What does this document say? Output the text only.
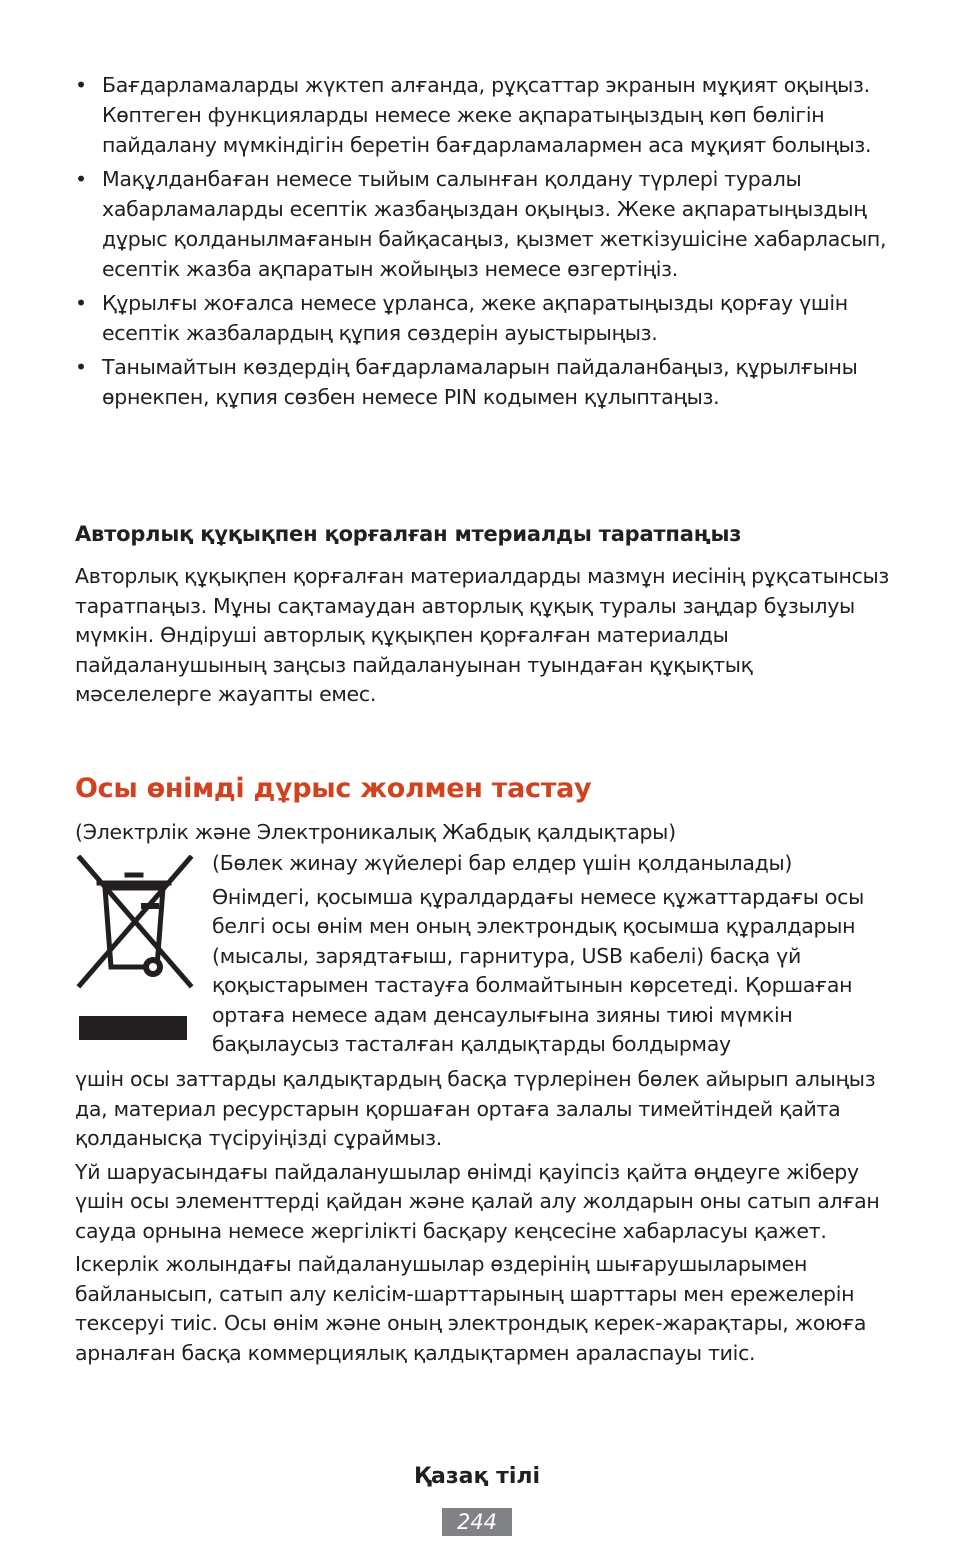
• Бағдарламаларды жүктеп алғанда, рұқсаттар экранын мұқият оқыңыз. Көптеген функцияларды немесе жеке ақпаратыңыздың көп бөлігін пайдалану мүмкіндігін беретін бағдарламалармен аса мұқият болыңыз.
• Мақұлданбаған немесе тыйым салынған қолдану түрлері туралы хабарламаларды есептік жазбаңыздан оқыңыз. Жеке ақпаратыңыздың дұрыс қолданылмағанын байқасаңыз, қызмет жеткізушісіне хабарласып, есептік жазба ақпаратын жойыңыз немесе өзгертіңіз.
• Құрылғы жоғалса немесе ұрланса, жеке ақпаратыңызды қорғау үшін есептік жазбалардың құпия сөздерін ауыстырыңыз.
• Танымайтын көздердің бағдарламаларын пайдаланбаңыз, құрылғыны өрнекпен, құпия сөзбен немесе PIN кодымен құлыптаңыз.
Авторлық құқықпен қорғалған мтериалды таратпаңыз

Авторлық құқықпен қорғалған материалдарды мазмұн иесінің рұқсатынсыз таратпаңыз. Мұны сақтамаудан авторлық құқық туралы заңдар бұзылуы мүмкін. Өндіруші авторлық құқықпен қорғалған материалды пайдаланушының заңсыз пайдалануынан туындаған құқықтық мәселелерге жауапты емес.

Осы өнімді дұрыс жолмен тастау
(Электрлік және Электроникалық Жабдық қалдықтары)

(Бөлек жинау жүйелері бар елдер үшін қолданылады)

Өнімдегі, қосымша құралдардағы немесе құжаттардағы осы белгі осы өнім мен оның электрондық қосымша құралдарын (мысалы, зарядтағыш, гарнитура, USB кабелі) басқа үй қоқыстарымен тастауға болмайтынын көрсетеді. Қоршаған ортаға немесе адам денсаулығына зияны тиюі мүмкін бақылаусыз тасталған қалдықтарды болдырмау

үшін осы заттарды қалдықтардың басқа түрлерінен бөлек айырып алыңыз да, материал ресурстарын қоршаған ортаға залалы тимейтіндей қайта қолданысқа түсіруіңізді сұраймыз.

Үй шаруасындағы пайдаланушылар өнімді қауіпсіз қайта өңдеуге жіберу үшін осы элементтерді қайдан және қалай алу жолдарын оны сатып алған сауда орнына немесе жергілікті басқару кеңсесіне хабарласуы қажет.

Іскерлік жолындағы пайдаланушылар өздерінің шығарушыларымен байланысып, сатып алу келісім-шарттарының шарттары мен ережелерін тексеруі тиіс. Осы өнім және оның электрондық керек-жарақтары, жоюға арналған басқа коммерциялық қалдықтармен араласпауы тиіс.

Қазақ тілі
244
